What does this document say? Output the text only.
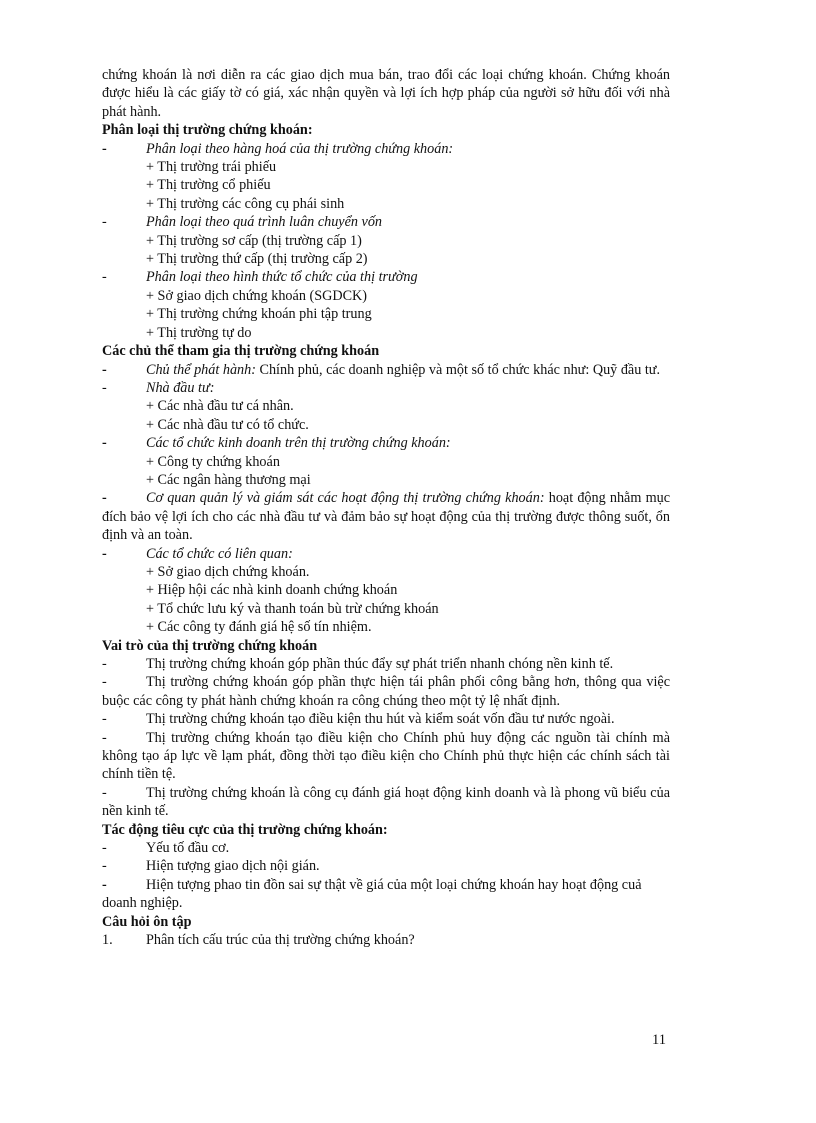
chứng khoán là nơi diễn ra các giao dịch mua bán, trao đổi các loại chứng khoán. Chứng khoán được hiểu là các giấy tờ có giá, xác nhận quyền và lợi ích hợp pháp của người sở hữu đối với nhà phát hành.

Phân loại thị trường chứng khoán:

-	Phân loại theo hàng hoá của thị trường chứng khoán:

+ Thị trường trái phiếu

+ Thị trường cổ phiếu

+ Thị trường các công cụ phái sinh

-	Phân loại theo quá trình luân chuyển vốn

+ Thị trường sơ cấp (thị trường cấp 1)

+ Thị trường thứ cấp (thị trường cấp 2)

-	Phân loại theo hình thức tổ chức của thị trường

+ Sở giao dịch chứng khoán (SGDCK)

+ Thị trường chứng khoán phi tập trung

+ Thị trường tự do

Các chủ thể tham gia thị trường chứng khoán

-	Chủ thể phát hành: Chính phủ, các doanh nghiệp và một số tổ chức khác như: Quỹ đầu tư.
-	Nhà đầu tư:

+ Các nhà đầu tư cá nhân.

+ Các nhà đầu tư có tổ chức.

-	Các tổ chức kinh doanh trên thị trường chứng khoán:

+ Công ty chứng khoán

+ Các ngân hàng thương mại

-	Cơ quan quản lý và giám sát các hoạt động thị trường chứng khoán: hoạt động nhằm mục đích bảo vệ lợi ích cho các nhà đầu tư và đảm bảo sự hoạt động của thị trường được thông suốt, ổn định và an toàn.
-	Các tổ chức có liên quan:

+ Sở giao dịch chứng khoán.

+ Hiệp hội các nhà kinh doanh chứng khoán

+ Tổ chức lưu ký và thanh toán bù trừ chứng khoán

+ Các công ty đánh giá hệ số tín nhiệm.

Vai trò của thị trường chứng khoán

-	Thị trường chứng khoán góp phần thúc đẩy sự phát triển nhanh chóng nền kinh tế.
-	Thị trường chứng khoán góp phần thực hiện tái phân phối công bằng hơn, thông qua việc buộc các công ty phát hành chứng khoán ra công chúng theo một tỷ lệ nhất định.
-	Thị trường chứng khoán tạo điều kiện thu hút và kiểm soát vốn đầu tư nước ngoài.
-	Thị trường chứng khoán tạo điều kiện cho Chính phủ huy động các nguồn tài chính mà không tạo áp lực về lạm phát, đồng thời tạo điều kiện cho Chính phủ thực hiện các chính sách tài chính tiền tệ.
-	Thị trường chứng khoán là công cụ đánh giá hoạt động kinh doanh và là phong vũ biểu của nền kinh tế.

Tác động tiêu cực của thị trường chứng khoán:

-	Yếu tố đầu cơ.
-	Hiện tượng giao dịch nội gián.
-	Hiện tượng phao tin đồn sai sự thật về giá của một loại chứng khoán hay hoạt động cuả doanh nghiệp.

Câu hỏi ôn tập

1.	Phân tích cấu trúc của thị trường chứng khoán?
11
